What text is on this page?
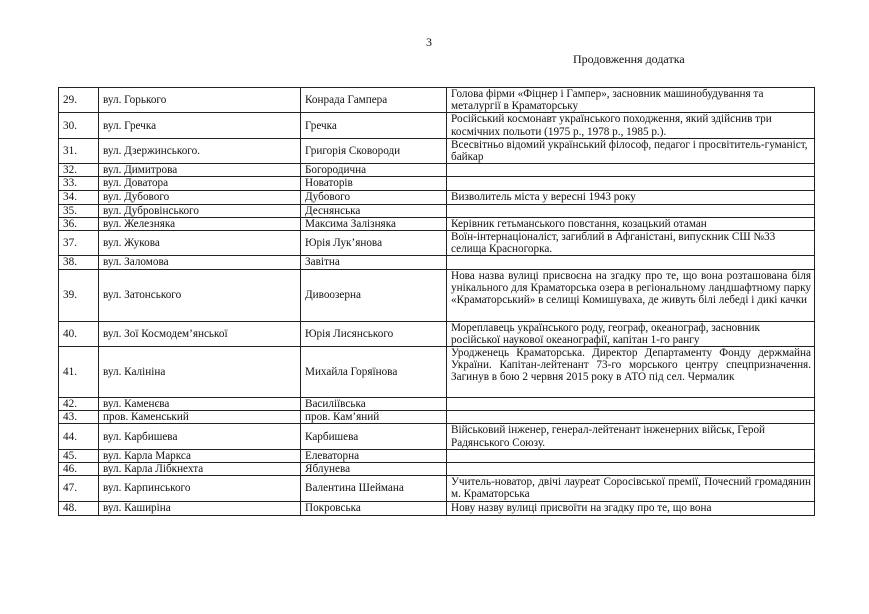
3
Продовження додатка
29.	вул. Горького	Конрада Гампера	Голова фірми «Фіцнер і Гампер», засновник машинобудування та металургії в Краматорську
30.	вул. Гречка	Гречка	Російський космонавт українського походження, який здійснив три космічних польоти (1975 р., 1978 р., 1985 р.).
31.	вул. Дзержинського.	Григорія Сковороди	Всесвітньо відомий український філософ, педагог і просвітитель-гуманіст, байкар
32.	вул. Димитрова	Богородична	
33.	вул. Доватора	Новаторів	
34.	вул. Дубового	Дубового	Визволитель міста у вересні 1943 року
35.	вул. Дубровінського	Деснянська	
36.	вул. Железняка	Максима Залізняка	Керівник гетьманського повстання, козацький отаман
37.	вул. Жукова	Юрія Лук’янова	Воїн-інтернаціоналіст, загиблий в Афганістані, випускник СШ №33 селища Красногорка.
38.	вул. Заломова	Завітна	
39.	вул. Затонського	Дивоозерна	Нова назва вулиці присвоєна на згадку про те, що вона розташована біля унікального для Краматорська озера в регіональному ландшафтному парку «Краматорський» в селищі Комишуваха, де живуть білі лебеді і дикі качки
40.	вул. Зої Космодем’янської	Юрія Лисянського	Мореплавець українського роду, географ, океанограф, засновник російської наукової океанографії, капітан 1-го рангу
41.	вул. Калініна	Михайла Горяїнова	Уродженець Краматорська. Директор Департаменту Фонду держмайна України. Капітан-лейтенант 73-го морського центру спецпризначення. Загинув в бою 2 червня 2015 року в АТО під сел. Чермалик
42.	вул. Каменєва	Василіївська	
43.	пров. Каменський	пров. Кам’яний	
44.	вул. Карбишева	Карбишева	Військовий інженер, генерал-лейтенант інженерних військ, Герой Радянського Союзу.
45.	вул. Карла Маркса	Елеваторна	
46.	вул. Карла Лібкнехта	Яблунева	
47.	вул. Карпинського	Валентина Шеймана	Учитель-новатор, двічі лауреат Соросівської премії, Почесний громадянин м. Краматорська
48.	вул. Каширіна	Покровська	Нову назву вулиці присвоїти на згадку про те, що вона
